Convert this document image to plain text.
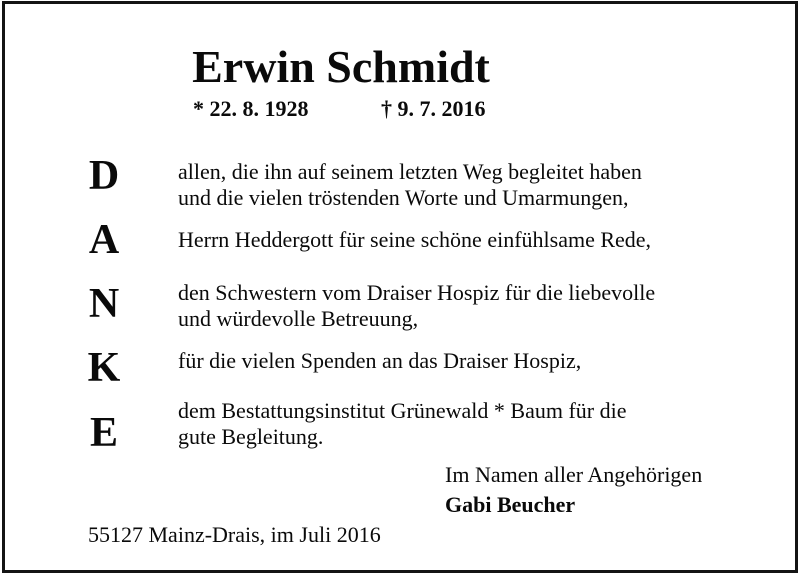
Erwin Schmidt
* 22. 8. 1928	† 9. 7. 2016
D
A
N
K
E
allen, die ihn auf seinem letzten Weg begleitet haben
und die vielen tröstenden Worte und Umarmungen,
Herrn Heddergott für seine schöne einfühlsame Rede,
den Schwestern vom Draiser Hospiz für die liebevolle
und würdevolle Betreuung,
für die vielen Spenden an das Draiser Hospiz,
dem Bestattungsinstitut Grünewald * Baum für die
gute Begleitung.
Im Namen aller Angehörigen
Gabi Beucher
55127 Mainz-Drais, im Juli 2016
